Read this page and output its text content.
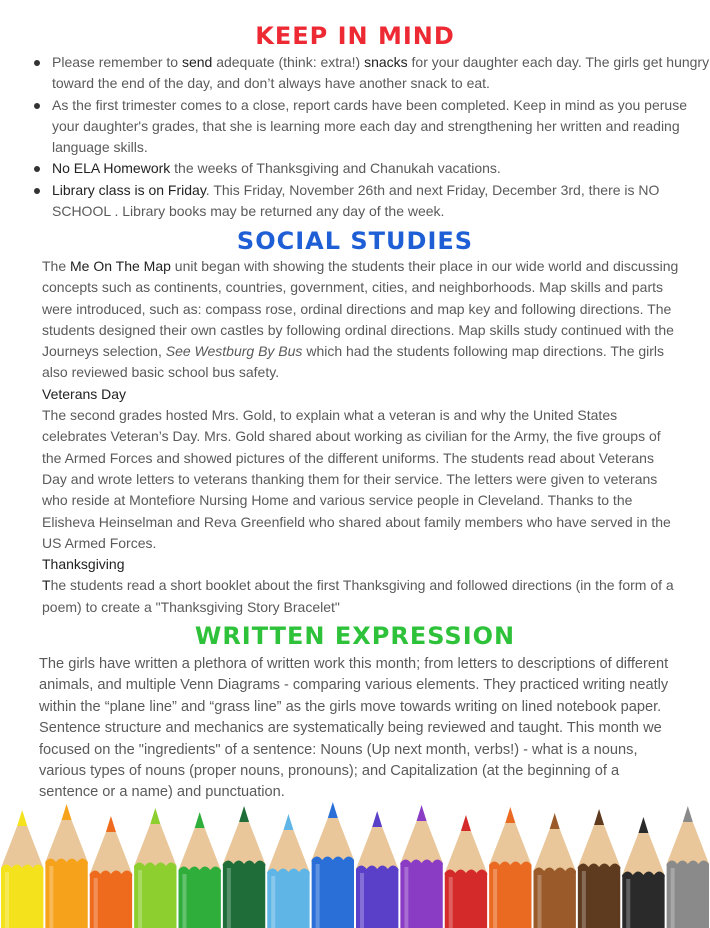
KEEP IN MIND
Please remember to send adequate (think: extra!) snacks for your daughter each day. The girls get hungry toward the end of the day, and don’t always have another snack to eat.
As the first trimester comes to a close, report cards have been completed. Keep in mind as you peruse your daughter's grades, that she is learning more each day and strengthening her written and reading language skills.
No ELA Homework the weeks of Thanksgiving and Chanukah vacations.
Library class is on Friday. This Friday, November 26th and next Friday, December 3rd, there is NO SCHOOL . Library books may be returned any day of the week.
SOCIAL STUDIES

The Me On The Map unit began with showing the students their place in our wide world and discussing concepts such as continents, countries, government, cities, and neighborhoods. Map skills and parts were introduced, such as: compass rose, ordinal directions and map key and following directions. The students designed their own castles by following ordinal directions. Map skills study continued with the Journeys selection, See Westburg By Bus which had the students following map directions. The girls also reviewed basic school bus safety.

Veterans Day

The second grades hosted Mrs. Gold, to explain what a veteran is and why the United States celebrates Veteran’s Day. Mrs. Gold shared about working as civilian for the Army, the five groups of the Armed Forces and showed pictures of the different uniforms. The students read about Veterans Day and wrote letters to veterans thanking them for their service. The letters were given to veterans who reside at Montefiore Nursing Home and various service people in Cleveland. Thanks to the Elisheva Heinselman and Reva Greenfield who shared about family members who have served in the US Armed Forces.

Thanksgiving

The students read a short booklet about the first Thanksgiving and followed directions (in the form of a poem) to create a "Thanksgiving Story Bracelet"

WRITTEN EXPRESSION

The girls have written a plethora of written work this month; from letters to descriptions of different animals, and multiple Venn Diagrams - comparing various elements. They practiced writing neatly within the “plane line” and “grass line” as the girls move towards writing on lined notebook paper. Sentence structure and mechanics are systematically being reviewed and taught. This month we focused on the "ingredients" of a sentence: Nouns (Up next month, verbs!) - what is a nouns, various types of nouns (proper nouns, pronouns); and Capitalization (at the beginning of a sentence or a name) and punctuation.
